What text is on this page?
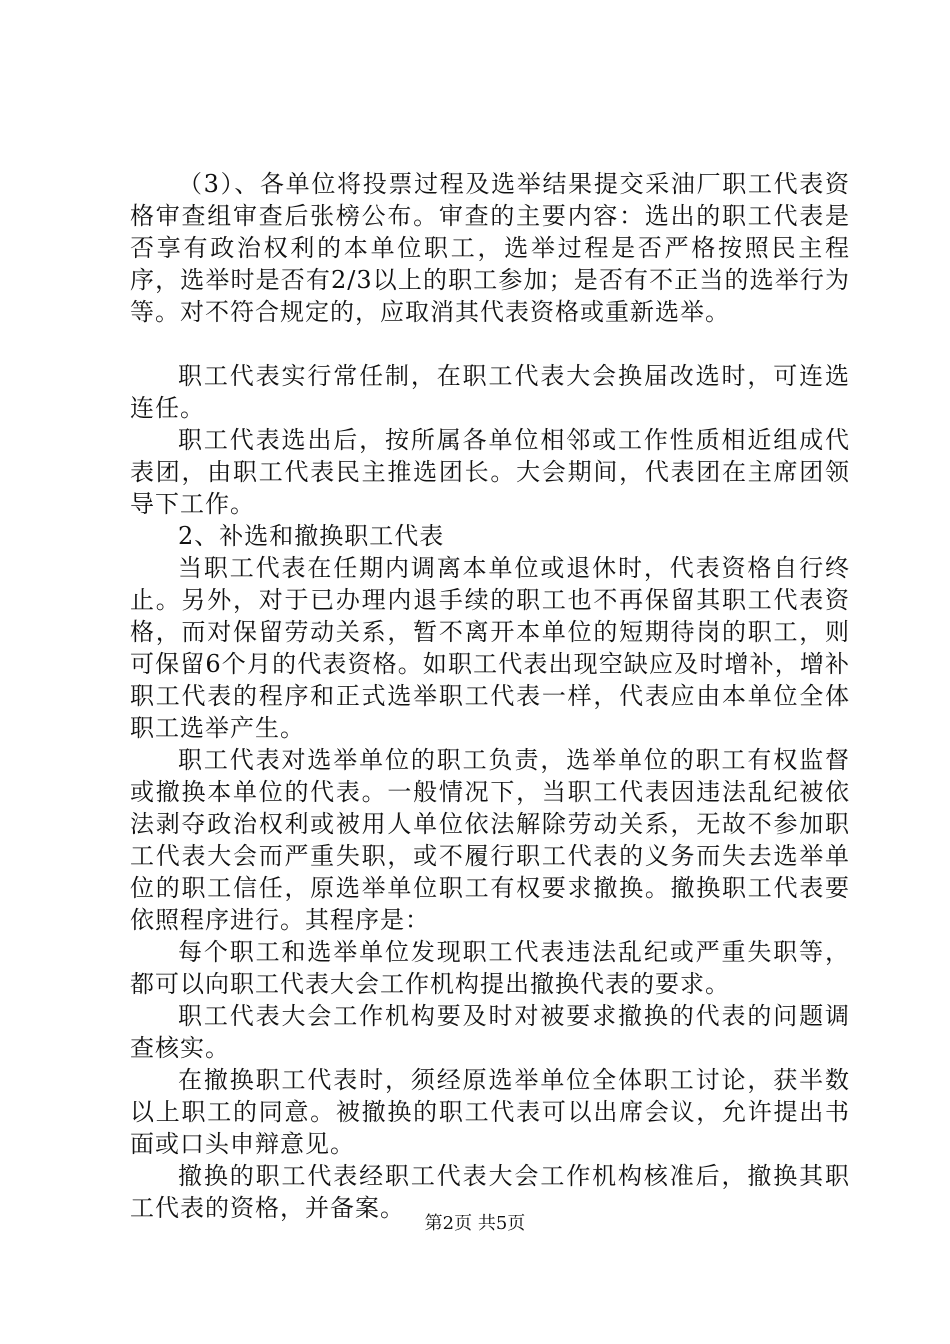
（3）、各单位将投票过程及选举结果提交采油厂职工代表资格审查组审查后张榜公布。审查的主要内容：选出的职工代表是否享有政治权利的本单位职工，选举过程是否严格按照民主程序，选举时是否有2/3以上的职工参加；是否有不正当的选举行为等。对不符合规定的，应取消其代表资格或重新选举。

职工代表实行常任制，在职工代表大会换届改选时，可连选连任。

职工代表选出后，按所属各单位相邻或工作性质相近组成代表团，由职工代表民主推选团长。大会期间，代表团在主席团领导下工作。

2、补选和撤换职工代表

当职工代表在任期内调离本单位或退休时，代表资格自行终止。另外，对于已办理内退手续的职工也不再保留其职工代表资格，而对保留劳动关系，暂不离开本单位的短期待岗的职工，则可保留6个月的代表资格。如职工代表出现空缺应及时增补，增补职工代表的程序和正式选举职工代表一样，代表应由本单位全体职工选举产生。

职工代表对选举单位的职工负责，选举单位的职工有权监督或撤换本单位的代表。一般情况下，当职工代表因违法乱纪被依法剥夺政治权利或被用人单位依法解除劳动关系，无故不参加职工代表大会而严重失职，或不履行职工代表的义务而失去选举单位的职工信任，原选举单位职工有权要求撤换。撤换职工代表要依照程序进行。其程序是：

每个职工和选举单位发现职工代表违法乱纪或严重失职等，都可以向职工代表大会工作机构提出撤换代表的要求。

职工代表大会工作机构要及时对被要求撤换的代表的问题调查核实。

在撤换职工代表时，须经原选举单位全体职工讨论，获半数以上职工的同意。被撤换的职工代表可以出席会议，允许提出书面或口头申辩意见。

撤换的职工代表经职工代表大会工作机构核准后，撤换其职工代表的资格，并备案。

第2页 共5页
